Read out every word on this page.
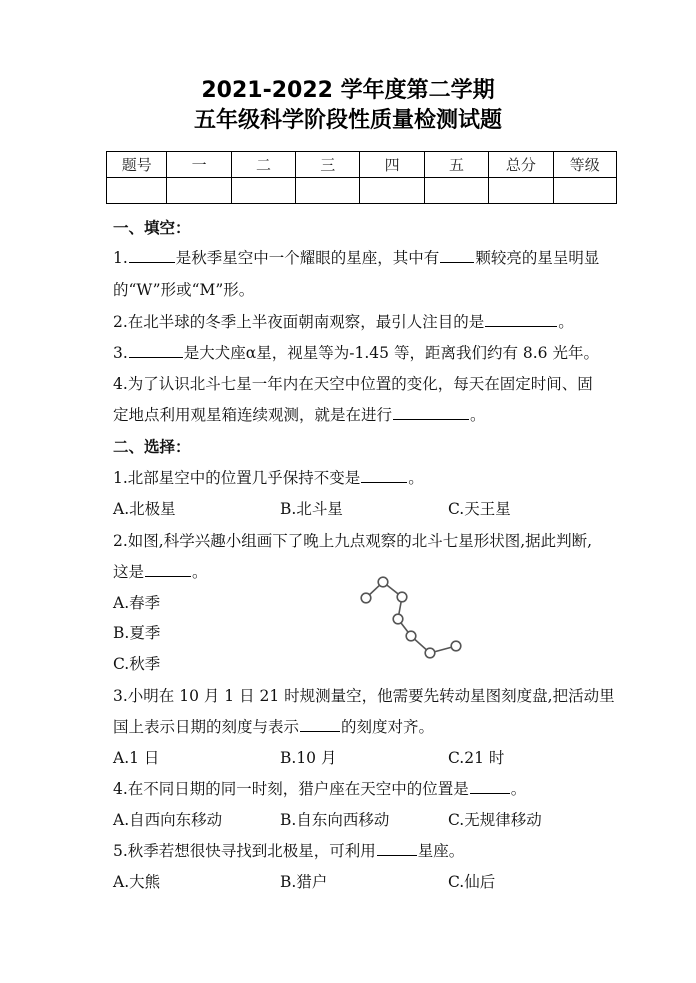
2021-2022 学年度第二学期
五年级科学阶段性质量检测试题
题号	一	二	三	四	五	总分	等级

一、填空：
1.	是秋季星空中一个耀眼的星座，其中有 颗较亮的星呈明显
的“W”形或“M”形。
2.在北半球的冬季上半夜面朝南观察，最引人注目的是	。
3.	是大犬座α星，视星等为-1.45 等，距离我们约有 8.6 光年。
4.为了认识北斗七星一年内在天空中位置的变化，每天在固定时间、固
定地点利用观星箱连续观测，就是在进行	。
二、选择：
1.北部星空中的位置几乎保持不变是	。
A.北极星	B.北斗星	C.天王星
2.如图,科学兴趣小组画下了晚上九点观察的北斗七星形状图,据此判断,
这是	。
A.春季
B.夏季
C.秋季
3.小明在 10 月 1 日 21 时规测量空，他需要先转动星图刻度盘,把活动里
国上表示日期的刻度与表示	的刻度对齐。
A.1 日	B.10 月	C.21 时
4.在不同日期的同一时刻，猎户座在天空中的位置是	。
A.自西向东移动	B.自东向西移动	C.无规律移动
5.秋季若想很快寻找到北极星，可利用	星座。
A.大熊	B.猎户	C.仙后
